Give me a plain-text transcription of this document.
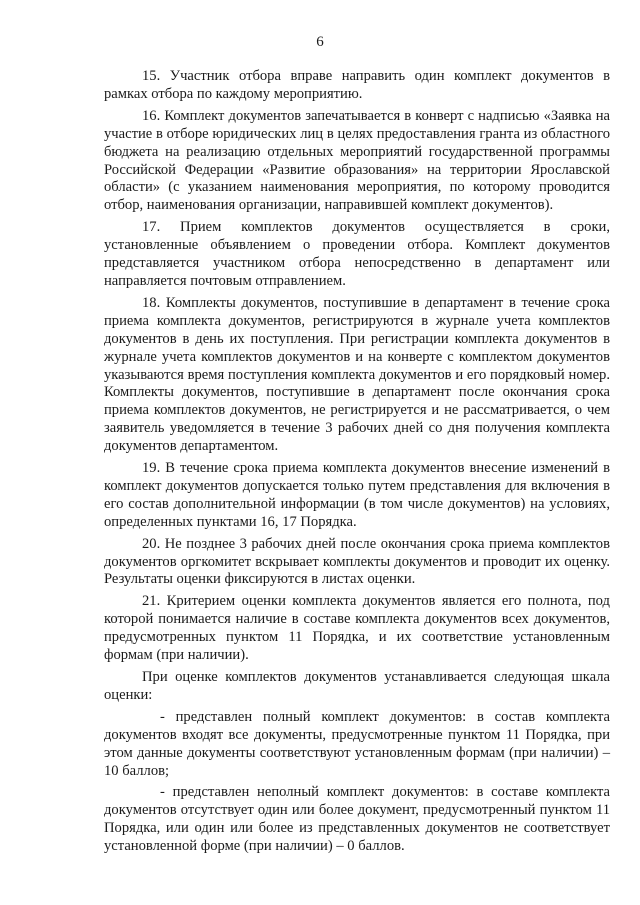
6

15. Участник отбора вправе направить один комплект документов в рамках отбора по каждому мероприятию.

16. Комплект документов запечатывается в конверт с надписью «Заявка на участие в отборе юридических лиц в целях предоставления гранта из областного бюджета на реализацию отдельных мероприятий государственной программы Российской Федерации «Развитие образования» на территории Ярославской области» (с указанием наименования мероприятия, по которому проводится отбор, наименования организации, направившей комплект документов).

17. Прием комплектов документов осуществляется в сроки, установленные объявлением о проведении отбора. Комплект документов представляется участником отбора непосредственно в департамент или направляется почтовым отправлением.

18. Комплекты документов, поступившие в департамент в течение срока приема комплекта документов, регистрируются в журнале учета комплектов документов в день их поступления. При регистрации комплекта документов в журнале учета комплектов документов и на конверте с комплектом документов указываются время поступления комплекта документов и его порядковый номер. Комплекты документов, поступившие в департамент после окончания срока приема комплектов документов, не регистрируется и не рассматривается, о чем заявитель уведомляется в течение 3 рабочих дней со дня получения комплекта документов департаментом.

19. В течение срока приема комплекта документов внесение изменений в комплект документов допускается только путем представления для включения в его состав дополнительной информации (в том числе документов) на условиях, определенных пунктами 16, 17 Порядка.

20. Не позднее 3 рабочих дней после окончания срока приема комплектов документов оргкомитет вскрывает комплекты документов и проводит их оценку. Результаты оценки фиксируются в листах оценки.

21. Критерием оценки комплекта документов является его полнота, под которой понимается наличие в составе комплекта документов всех документов, предусмотренных пунктом 11 Порядка, и их соответствие установленным формам (при наличии).

При оценке комплектов документов устанавливается следующая шкала оценки:

- представлен полный комплект документов: в состав комплекта документов входят все документы, предусмотренные пунктом 11 Порядка, при этом данные документы соответствуют установленным формам (при наличии) – 10 баллов;

- представлен неполный комплект документов: в составе комплекта документов отсутствует один или более документ, предусмотренный пунктом 11 Порядка, или один или более из представленных документов не соответствует установленной форме (при наличии) – 0 баллов.
